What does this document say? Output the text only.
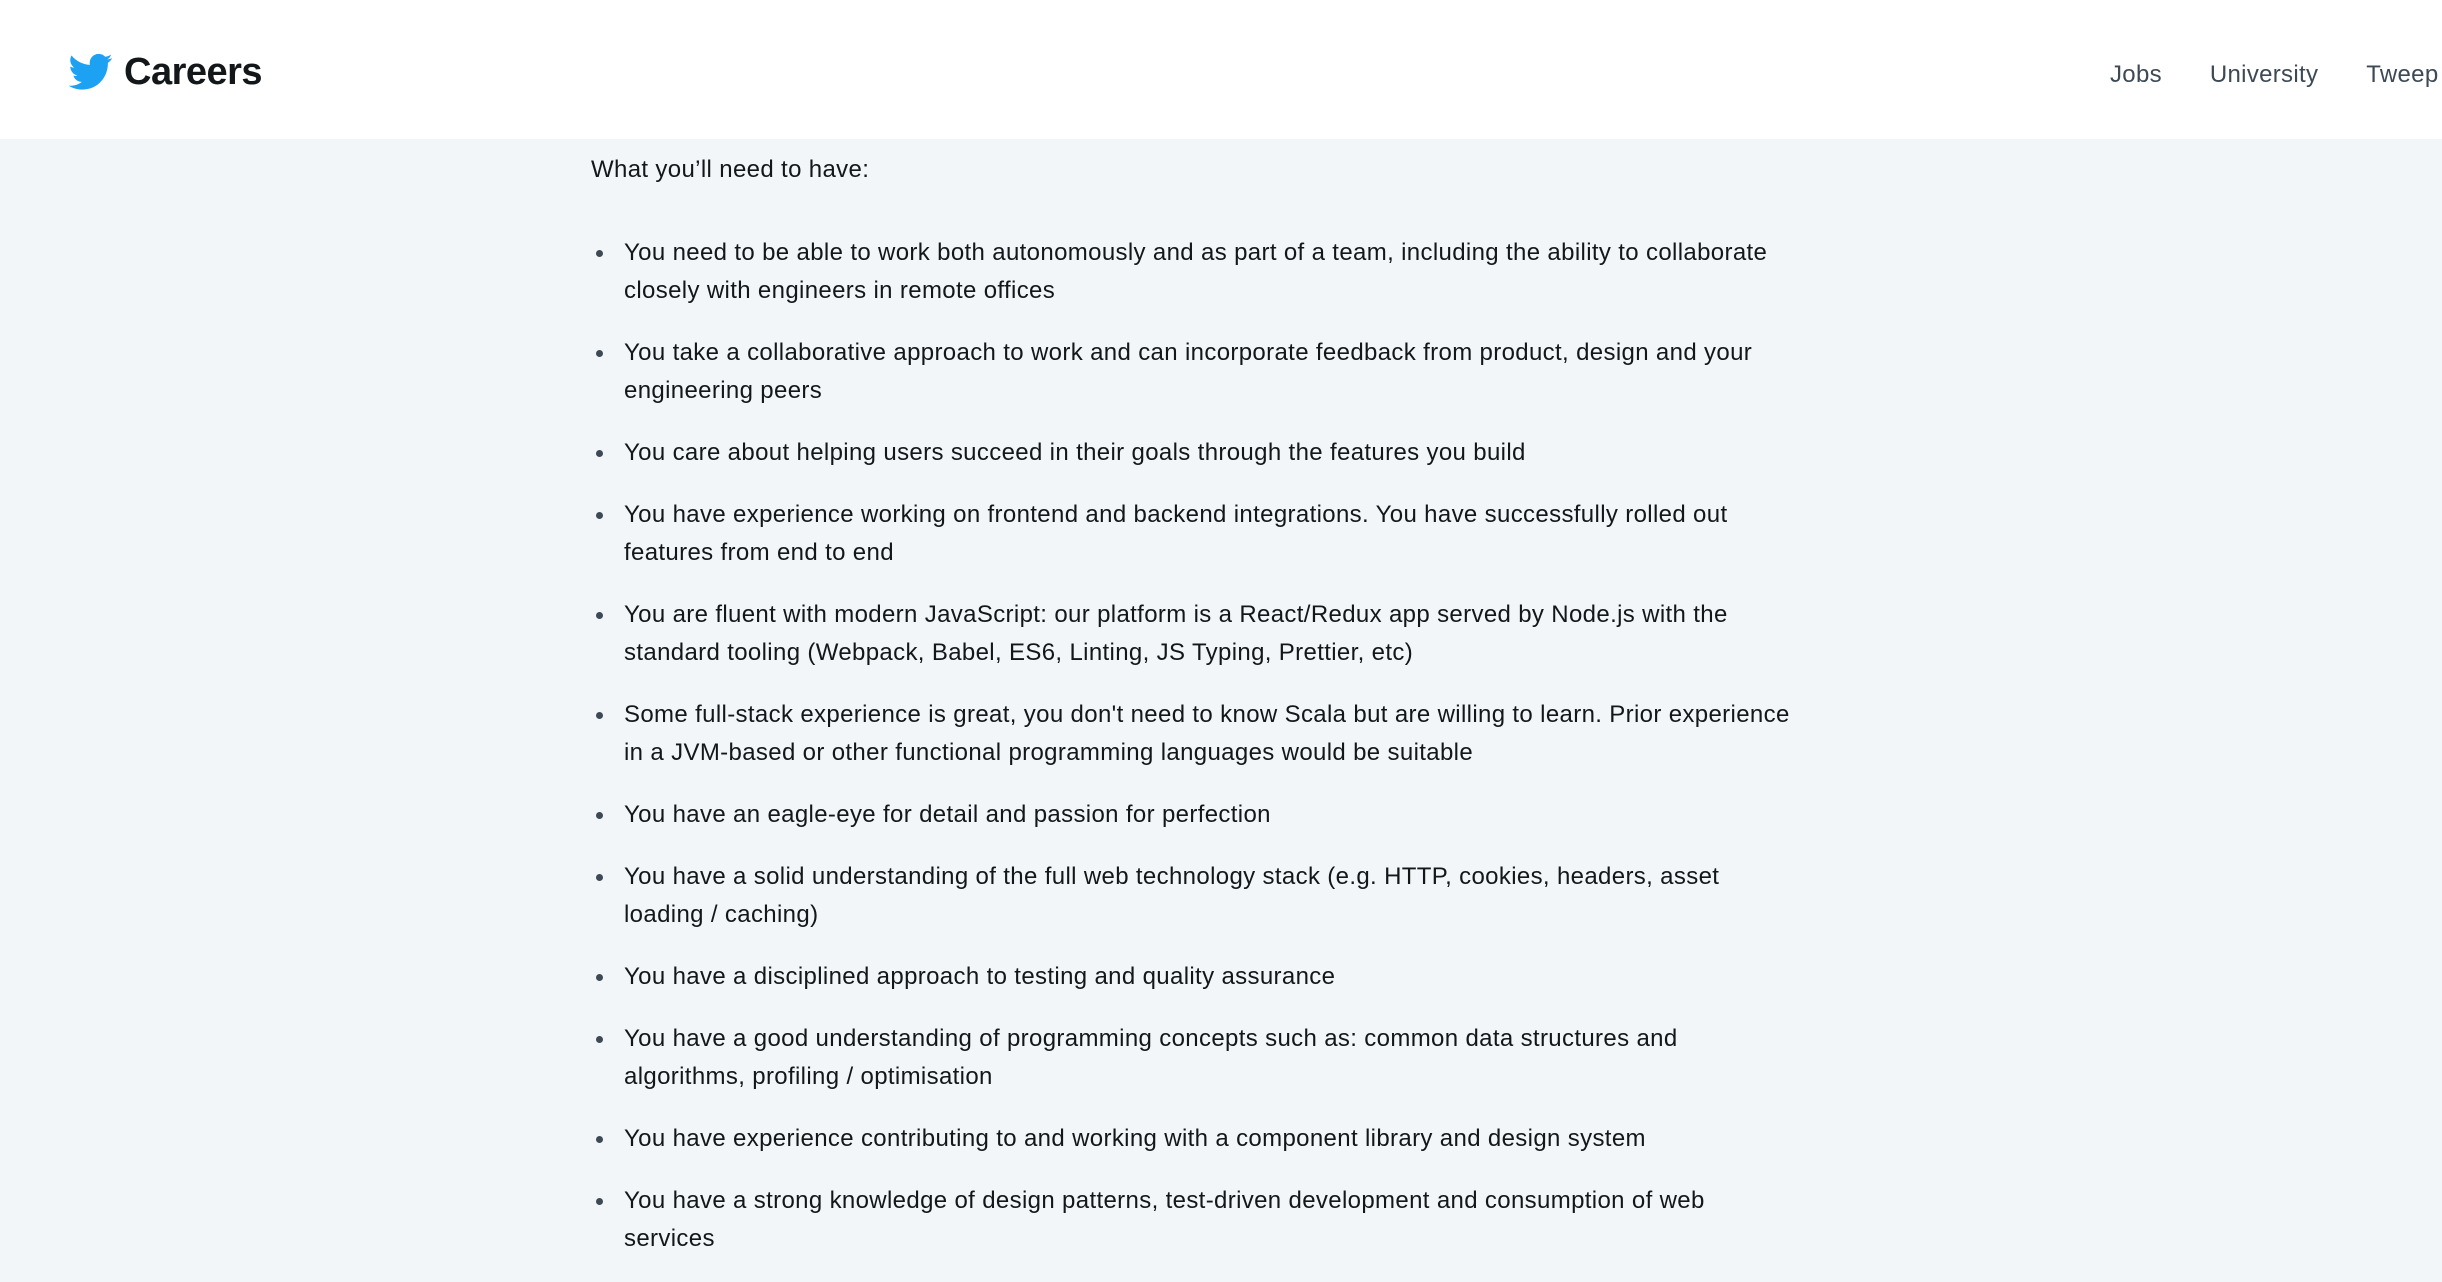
Careers	Jobs University Tweep

What you’ll need to have:

You need to be able to work both autonomously and as part of a team, including the ability to collaborate closely with engineers in remote offices
You take a collaborative approach to work and can incorporate feedback from product, design and your engineering peers
You care about helping users succeed in their goals through the features you build
You have experience working on frontend and backend integrations. You have successfully rolled out features from end to end
You are fluent with modern JavaScript: our platform is a React/Redux app served by Node.js with the standard tooling (Webpack, Babel, ES6, Linting, JS Typing, Prettier, etc)
Some full-stack experience is great, you don't need to know Scala but are willing to learn. Prior experience in a JVM-based or other functional programming languages would be suitable
You have an eagle-eye for detail and passion for perfection
You have a solid understanding of the full web technology stack (e.g. HTTP, cookies, headers, asset loading / caching)
You have a disciplined approach to testing and quality assurance
You have a good understanding of programming concepts such as: common data structures and algorithms, profiling / optimisation
You have experience contributing to and working with a component library and design system
You have a strong knowledge of design patterns, test-driven development and consumption of web services
